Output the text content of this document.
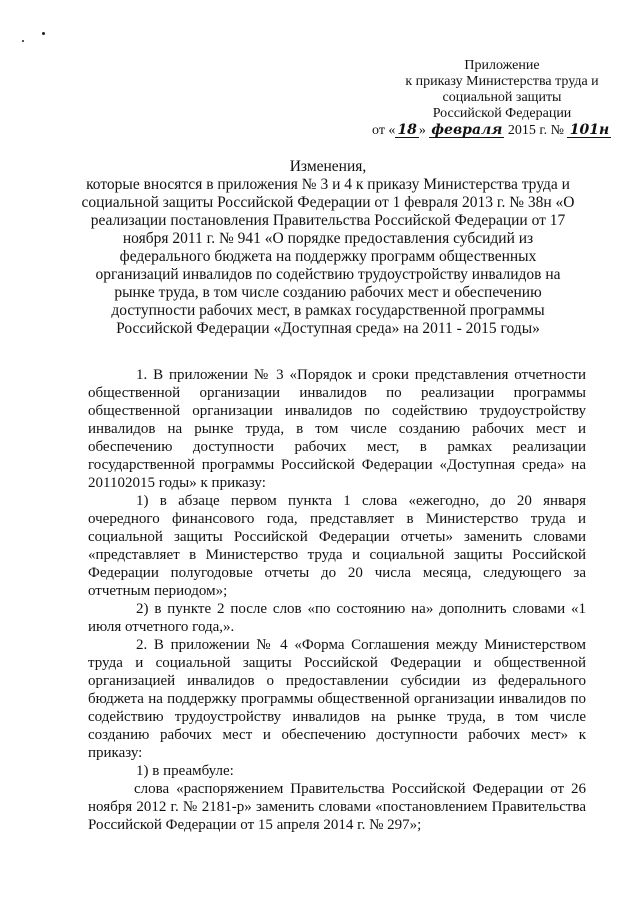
Приложение
к приказу Министерства труда и
социальной защиты
Российской Федерации
от « 18 » февраля 2015 г. № 101н
Изменения,
которые вносятся в приложения № 3 и 4 к приказу Министерства труда и социальной защиты Российской Федерации от 1 февраля 2013 г. № 38н «О реализации постановления Правительства Российской Федерации от 17 ноября 2011 г. № 941 «О порядке предоставления субсидий из федерального бюджета на поддержку программ общественных организаций инвалидов по содействию трудоустройству инвалидов на рынке труда, в том числе созданию рабочих мест и обеспечению доступности рабочих мест, в рамках государственной программы Российской Федерации «Доступная среда» на 2011 - 2015 годы»

1. В приложении № 3 «Порядок и сроки представления отчетности общественной организации инвалидов по реализации программы общественной организации инвалидов по содействию трудоустройству инвалидов на рынке труда, в том числе созданию рабочих мест и обеспечению доступности рабочих мест, в рамках реализации государственной программы Российской Федерации «Доступная среда» на 201102015 годы» к приказу:

1) в абзаце первом пункта 1 слова «ежегодно, до 20 января очередного финансового года, представляет в Министерство труда и социальной защиты Российской Федерации отчеты» заменить словами «представляет в Министерство труда и социальной защиты Российской Федерации полугодовые отчеты до 20 числа месяца, следующего за отчетным периодом»;

2) в пункте 2 после слов «по состоянию на» дополнить словами «1 июля отчетного года,».

2. В приложении № 4 «Форма Соглашения между Министерством труда и социальной защиты Российской Федерации и общественной организацией инвалидов о предоставлении субсидии из федерального бюджета на поддержку программы общественной организации инвалидов по содействию трудоустройству инвалидов на рынке труда, в том числе созданию рабочих мест и обеспечению доступности рабочих мест» к приказу:

1) в преамбуле:

слова «распоряжением Правительства Российской Федерации от 26 ноября 2012 г. № 2181-р» заменить словами «постановлением Правительства Российской Федерации от 15 апреля 2014 г. № 297»;
